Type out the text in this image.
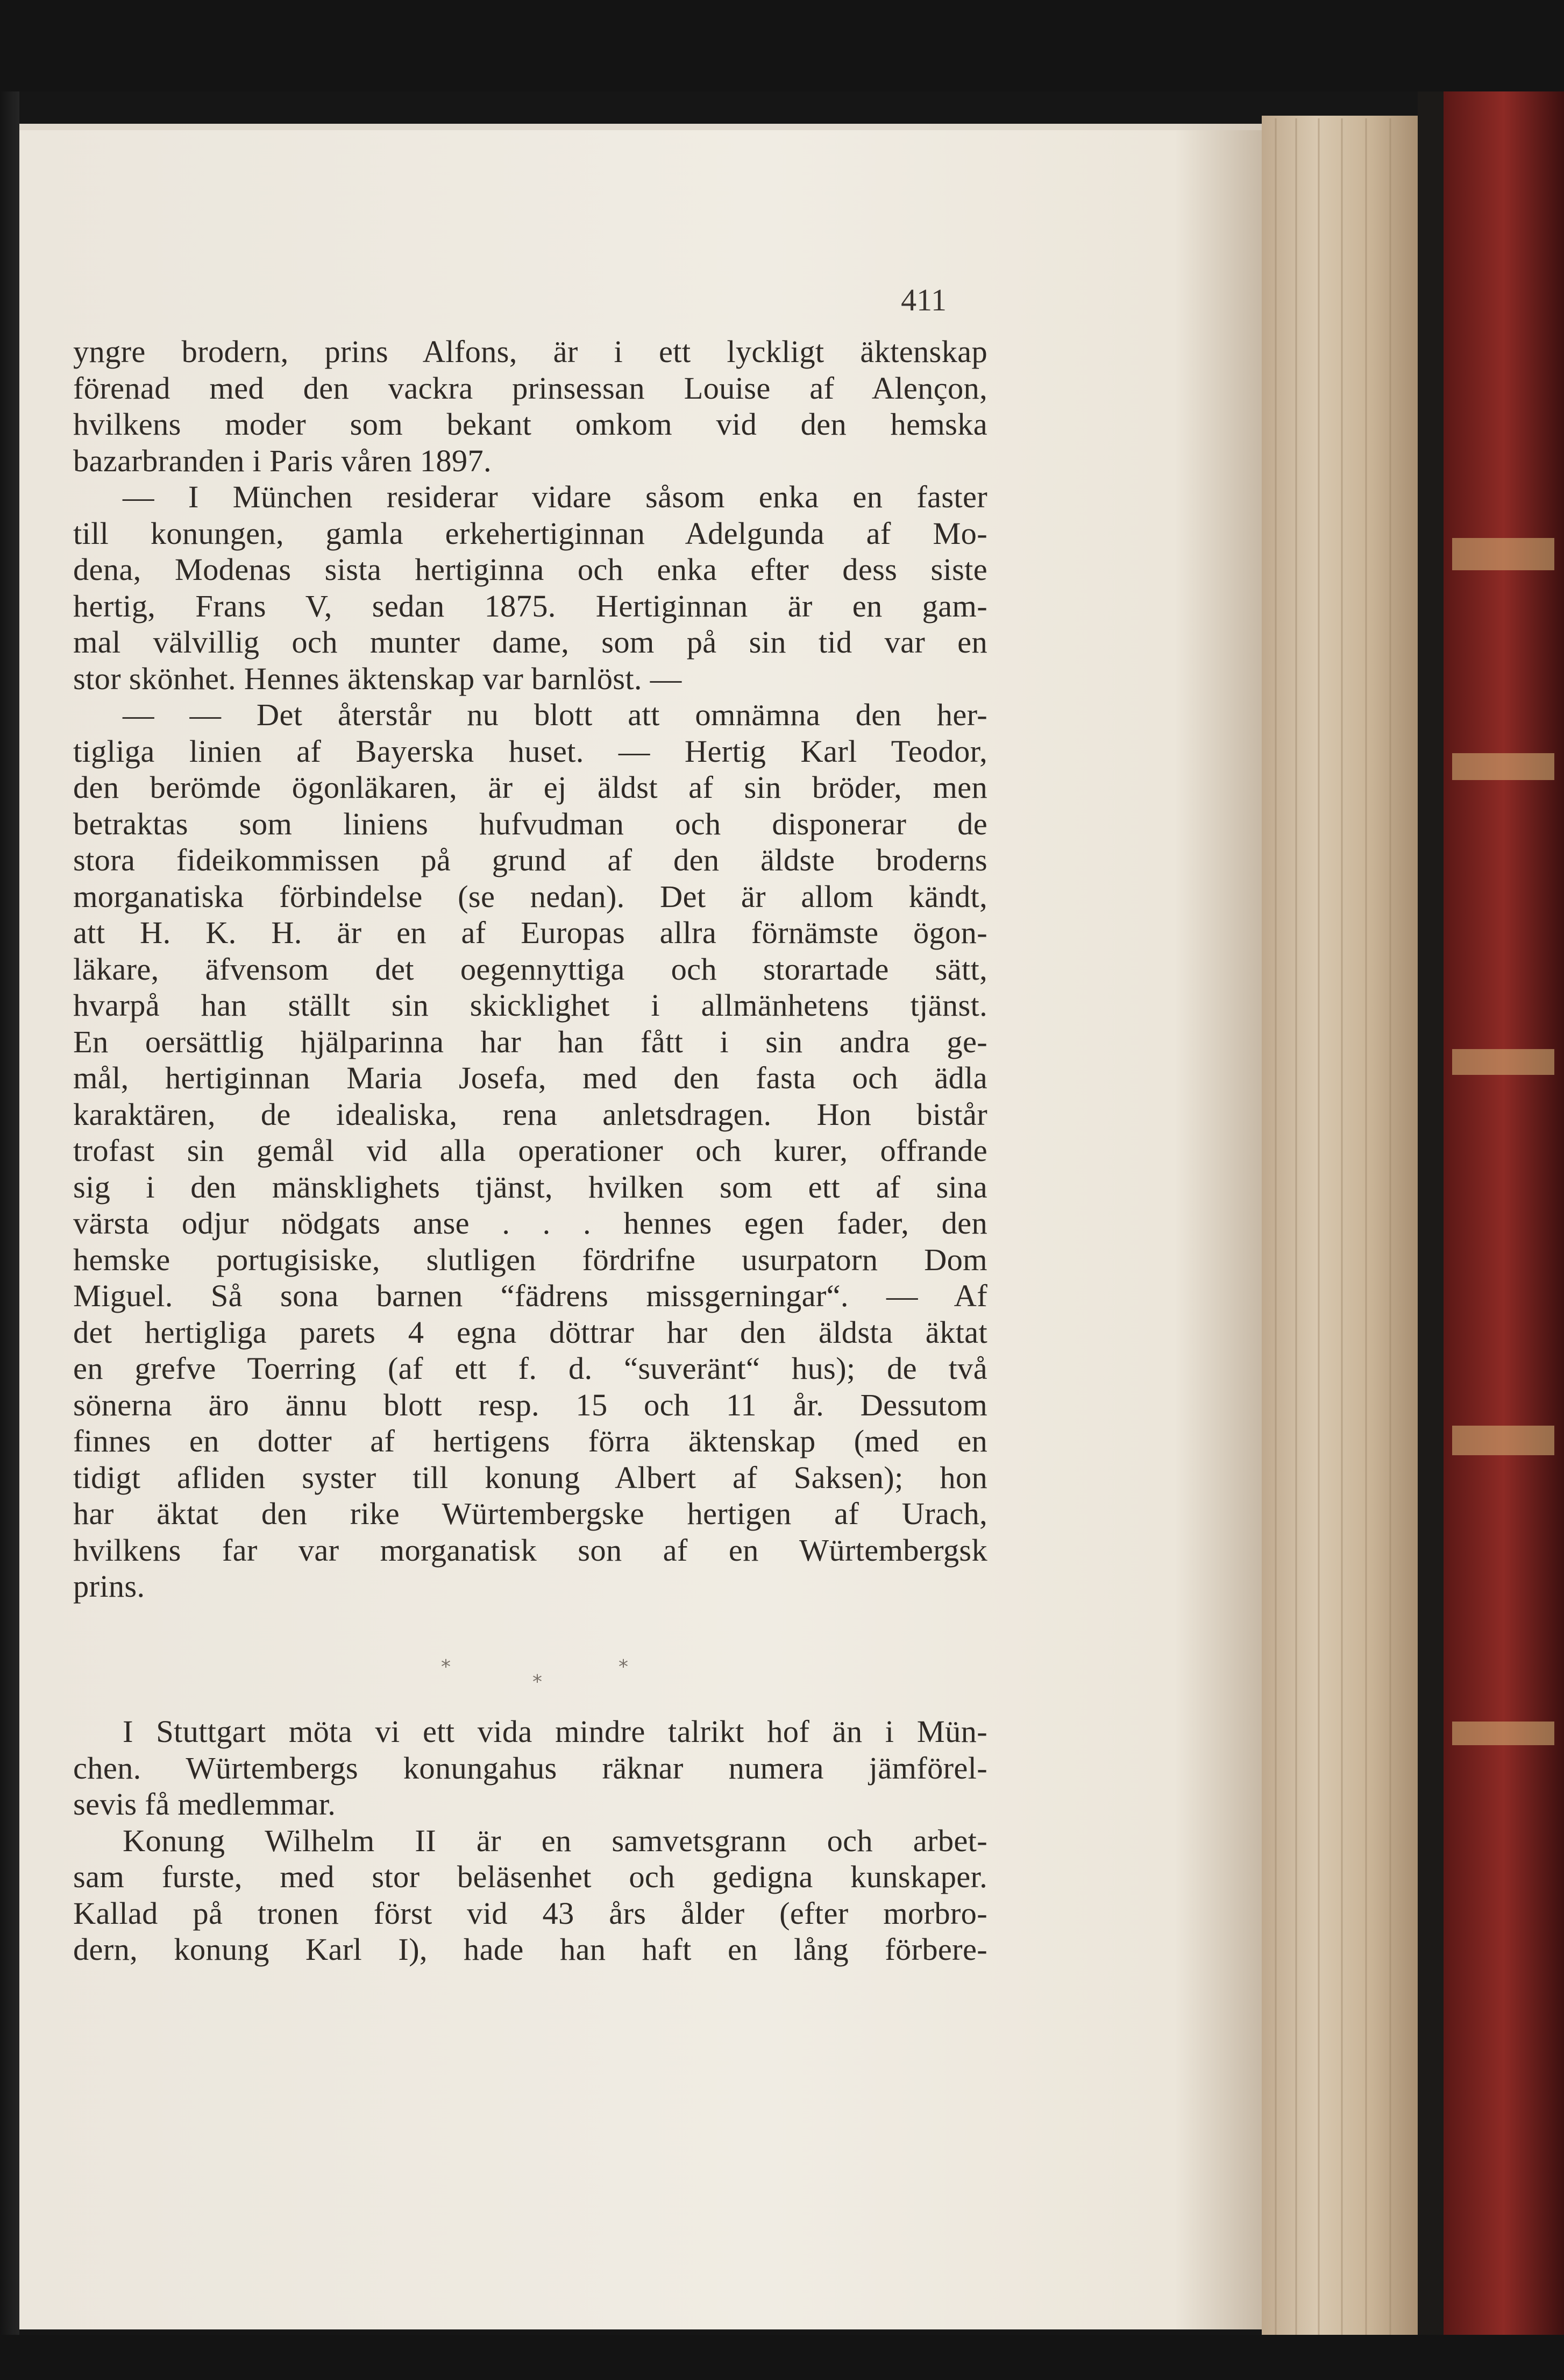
411
yngre brodern, prins Alfons, är i ett lyckligt äktenskap
förenad med den vackra prinsessan Louise af Alençon,
hvilkens moder som bekant omkom vid den hemska
bazarbranden i Paris våren 1897.
— I München residerar vidare såsom enka en faster
till konungen, gamla erkehertiginnan Adelgunda af Mo-
dena, Modenas sista hertiginna och enka efter dess siste
hertig, Frans V, sedan 1875. Hertiginnan är en gam-
mal välvillig och munter dame, som på sin tid var en
stor skönhet. Hennes äktenskap var barnlöst. —
— — Det återstår nu blott att omnämna den her-
tigliga linien af Bayerska huset. — Hertig Karl Teodor,
den berömde ögonläkaren, är ej äldst af sin bröder, men
betraktas som liniens hufvudman och disponerar de
stora fideikommissen på grund af den äldste broderns
morganatiska förbindelse (se nedan). Det är allom kändt,
att H. K. H. är en af Europas allra förnämste ögon-
läkare, äfvensom det oegennyttiga och storartade sätt,
hvarpå han ställt sin skicklighet i allmänhetens tjänst.
En oersättlig hjälparinna har han fått i sin andra ge-
mål, hertiginnan Maria Josefa, med den fasta och ädla
karaktären, de idealiska, rena anletsdragen. Hon bistår
trofast sin gemål vid alla operationer och kurer, offrande
sig i den mänsklighets tjänst, hvilken som ett af sina
värsta odjur nödgats anse . . . hennes egen fader, den
hemske portugisiske, slutligen fördrifne usurpatorn Dom
Miguel. Så sona barnen “fädrens missgerningar“. — Af
det hertigliga parets 4 egna döttrar har den äldsta äktat
en grefve Toerring (af ett f. d. “suveränt“ hus); de två
sönerna äro ännu blott resp. 15 och 11 år. Dessutom
finnes en dotter af hertigens förra äktenskap (med en
tidigt afliden syster till konung Albert af Saksen); hon
har äktat den rike Würtembergske hertigen af Urach,
hvilkens far var morganatisk son af en Würtembergsk
prins.
I Stuttgart möta vi ett vida mindre talrikt hof än i Mün-
chen. Würtembergs konungahus räknar numera jämförel-
sevis få medlemmar.
Konung Wilhelm II är en samvetsgrann och arbet-
sam furste, med stor beläsenhet och gedigna kunskaper.
Kallad på tronen först vid 43 års ålder (efter morbro-
dern, konung Karl I), hade han haft en lång förbere-
*
*
*
